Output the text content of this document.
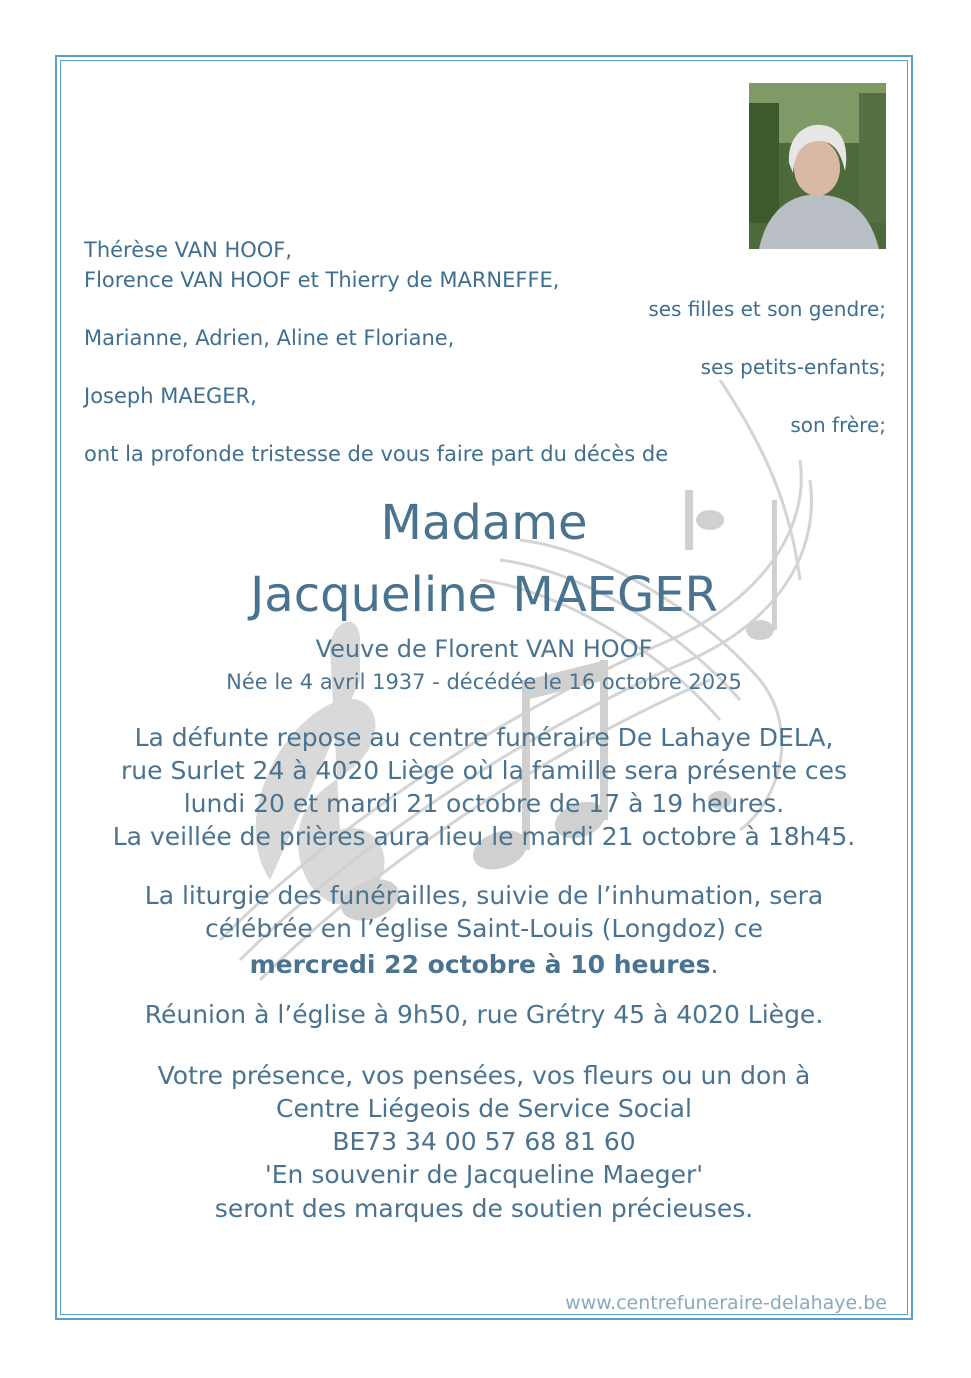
Thérèse VAN HOOF,
Florence VAN HOOF et Thierry de MARNEFFE,
ses filles et son gendre;
Marianne, Adrien, Aline et Floriane,
ses petits-enfants;
Joseph MAEGER,
son frère;
ont la profonde tristesse de vous faire part du décès de
Madame
Jacqueline MAEGER
Veuve de Florent VAN HOOF
Née le 4 avril 1937 - décédée le 16 octobre 2025
La défunte repose au centre funéraire De Lahaye DELA,
rue Surlet 24 à 4020 Liège où la famille sera présente ces
lundi 20 et mardi 21 octobre de 17 à 19 heures.
La veillée de prières aura lieu le mardi 21 octobre à 18h45.
La liturgie des funérailles, suivie de l’inhumation, sera
célébrée en l’église Saint-Louis (Longdoz) ce
mercredi 22 octobre à 10 heures.
Réunion à l’église à 9h50, rue Grétry 45 à 4020 Liège.
Votre présence, vos pensées, vos fleurs ou un don à
Centre Liégeois de Service Social
BE73 34 00 57 68 81 60
'En souvenir de Jacqueline Maeger'
seront des marques de soutien précieuses.
www.centrefuneraire-delahaye.be
